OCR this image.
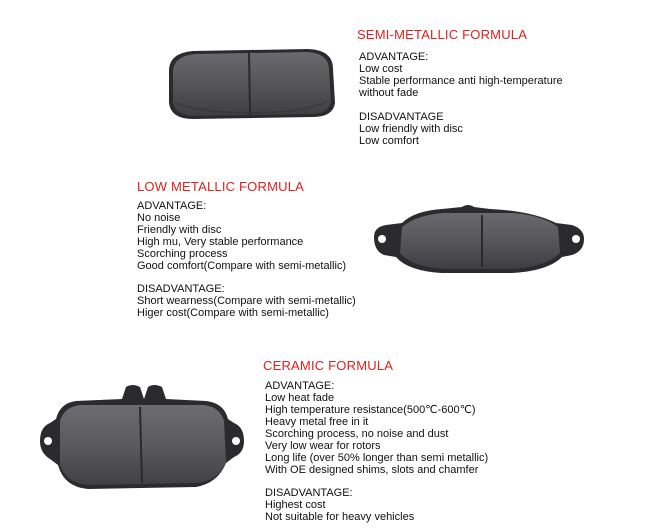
SEMI-METALLIC FORMULA
ADVANTAGE:
Low cost
Stable performance anti high-temperature
without fade
DISADVANTAGE
Low friendly with disc
Low comfort
LOW METALLIC FORMULA
ADVANTAGE:
No noise
Friendly with disc
High mu, Very stable performance
Scorching process
Good comfort(Compare with semi-metallic)
DISADVANTAGE:
Short wearness(Compare with semi-metallic)
Higer cost(Compare with semi-metallic)
CERAMIC FORMULA
ADVANTAGE:
Low heat fade
High temperature resistance(500℃-600℃)
Heavy metal free in it
Scorching process, no noise and dust
Very low wear for rotors
Long life (over 50% longer than semi metallic)
With OE designed shims, slots and chamfer
DISADVANTAGE:
Highest cost
Not suitable for heavy vehicles
